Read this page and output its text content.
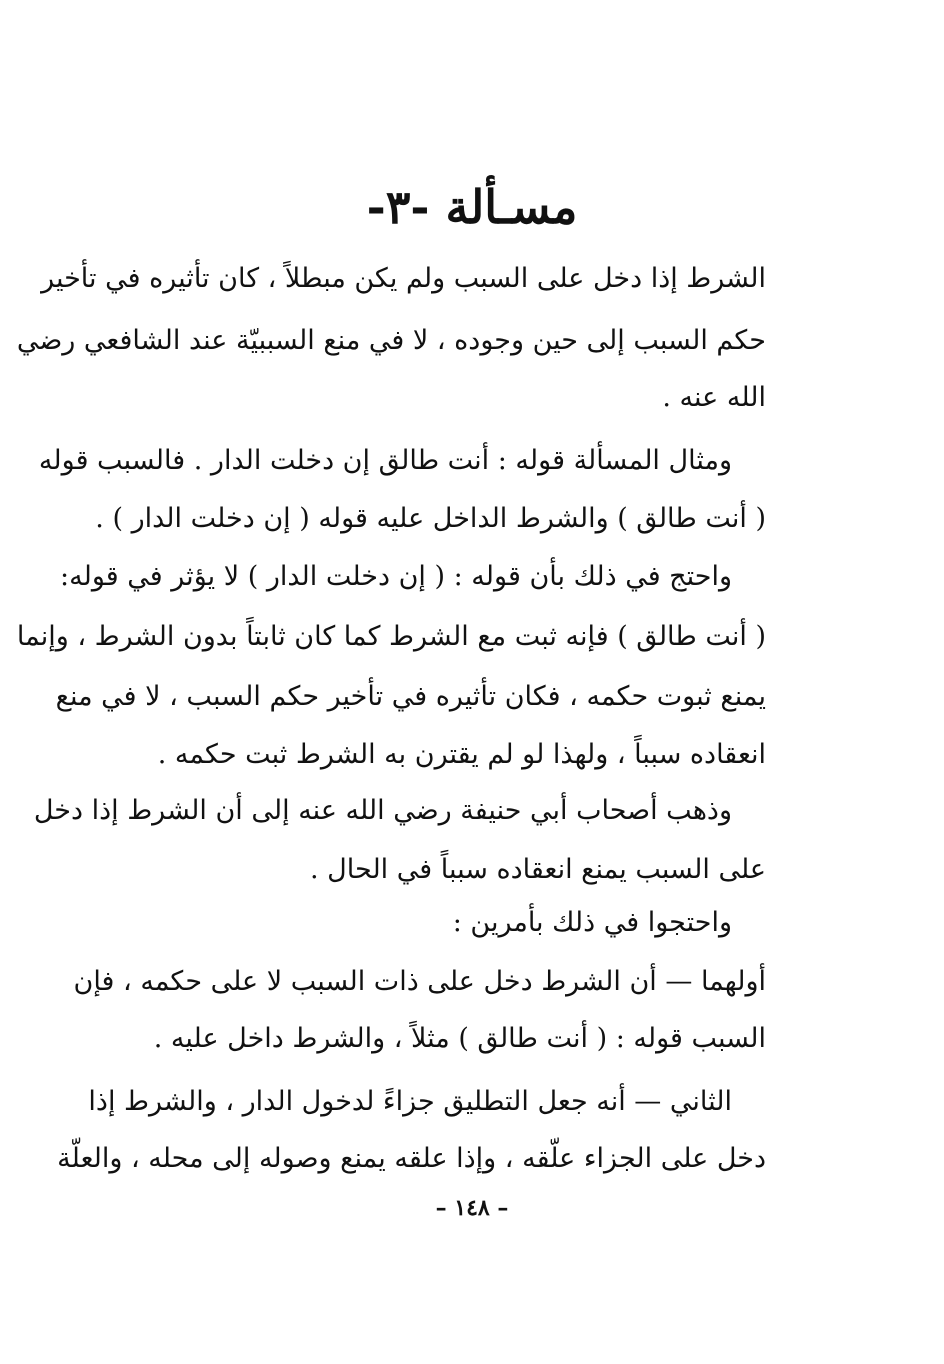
مسـألة -٣-
الشرط إذا دخل على السبب ولم يكن مبطلاً ، كان تأثيره في تأخير
حكم السبب إلى حين وجوده ، لا في منع السببيّة عند الشافعي رضي
الله عنه .
ومثال المسألة قوله : أنت طالق إن دخلت الدار . فالسبب قوله
( أنت طالق ) والشرط الداخل عليه قوله ( إن دخلت الدار ) .
واحتج في ذلك بأن قوله : ( إن دخلت الدار ) لا يؤثر في قوله:
( أنت طالق ) فإنه ثبت مع الشرط كما كان ثابتاً بدون الشرط ، وإنما
يمنع ثبوت حكمه ، فكان تأثيره في تأخير حكم السبب ، لا في منع
انعقاده سبباً ، ولهذا لو لم يقترن به الشرط ثبت حكمه .
وذهب أصحاب أبي حنيفة رضي الله عنه إلى أن الشرط إذا دخل
على السبب يمنع انعقاده سبباً في الحال .
واحتجوا في ذلك بأمرين :
أولهما — أن الشرط دخل على ذات السبب لا على حكمه ، فإن
السبب قوله : ( أنت طالق ) مثلاً ، والشرط داخل عليه .
الثاني — أنه جعل التطليق جزاءً لدخول الدار ، والشرط إذا
دخل على الجزاء علّقه ، وإذا علقه يمنع وصوله إلى محله ، والعلّة
– ١٤٨ –
